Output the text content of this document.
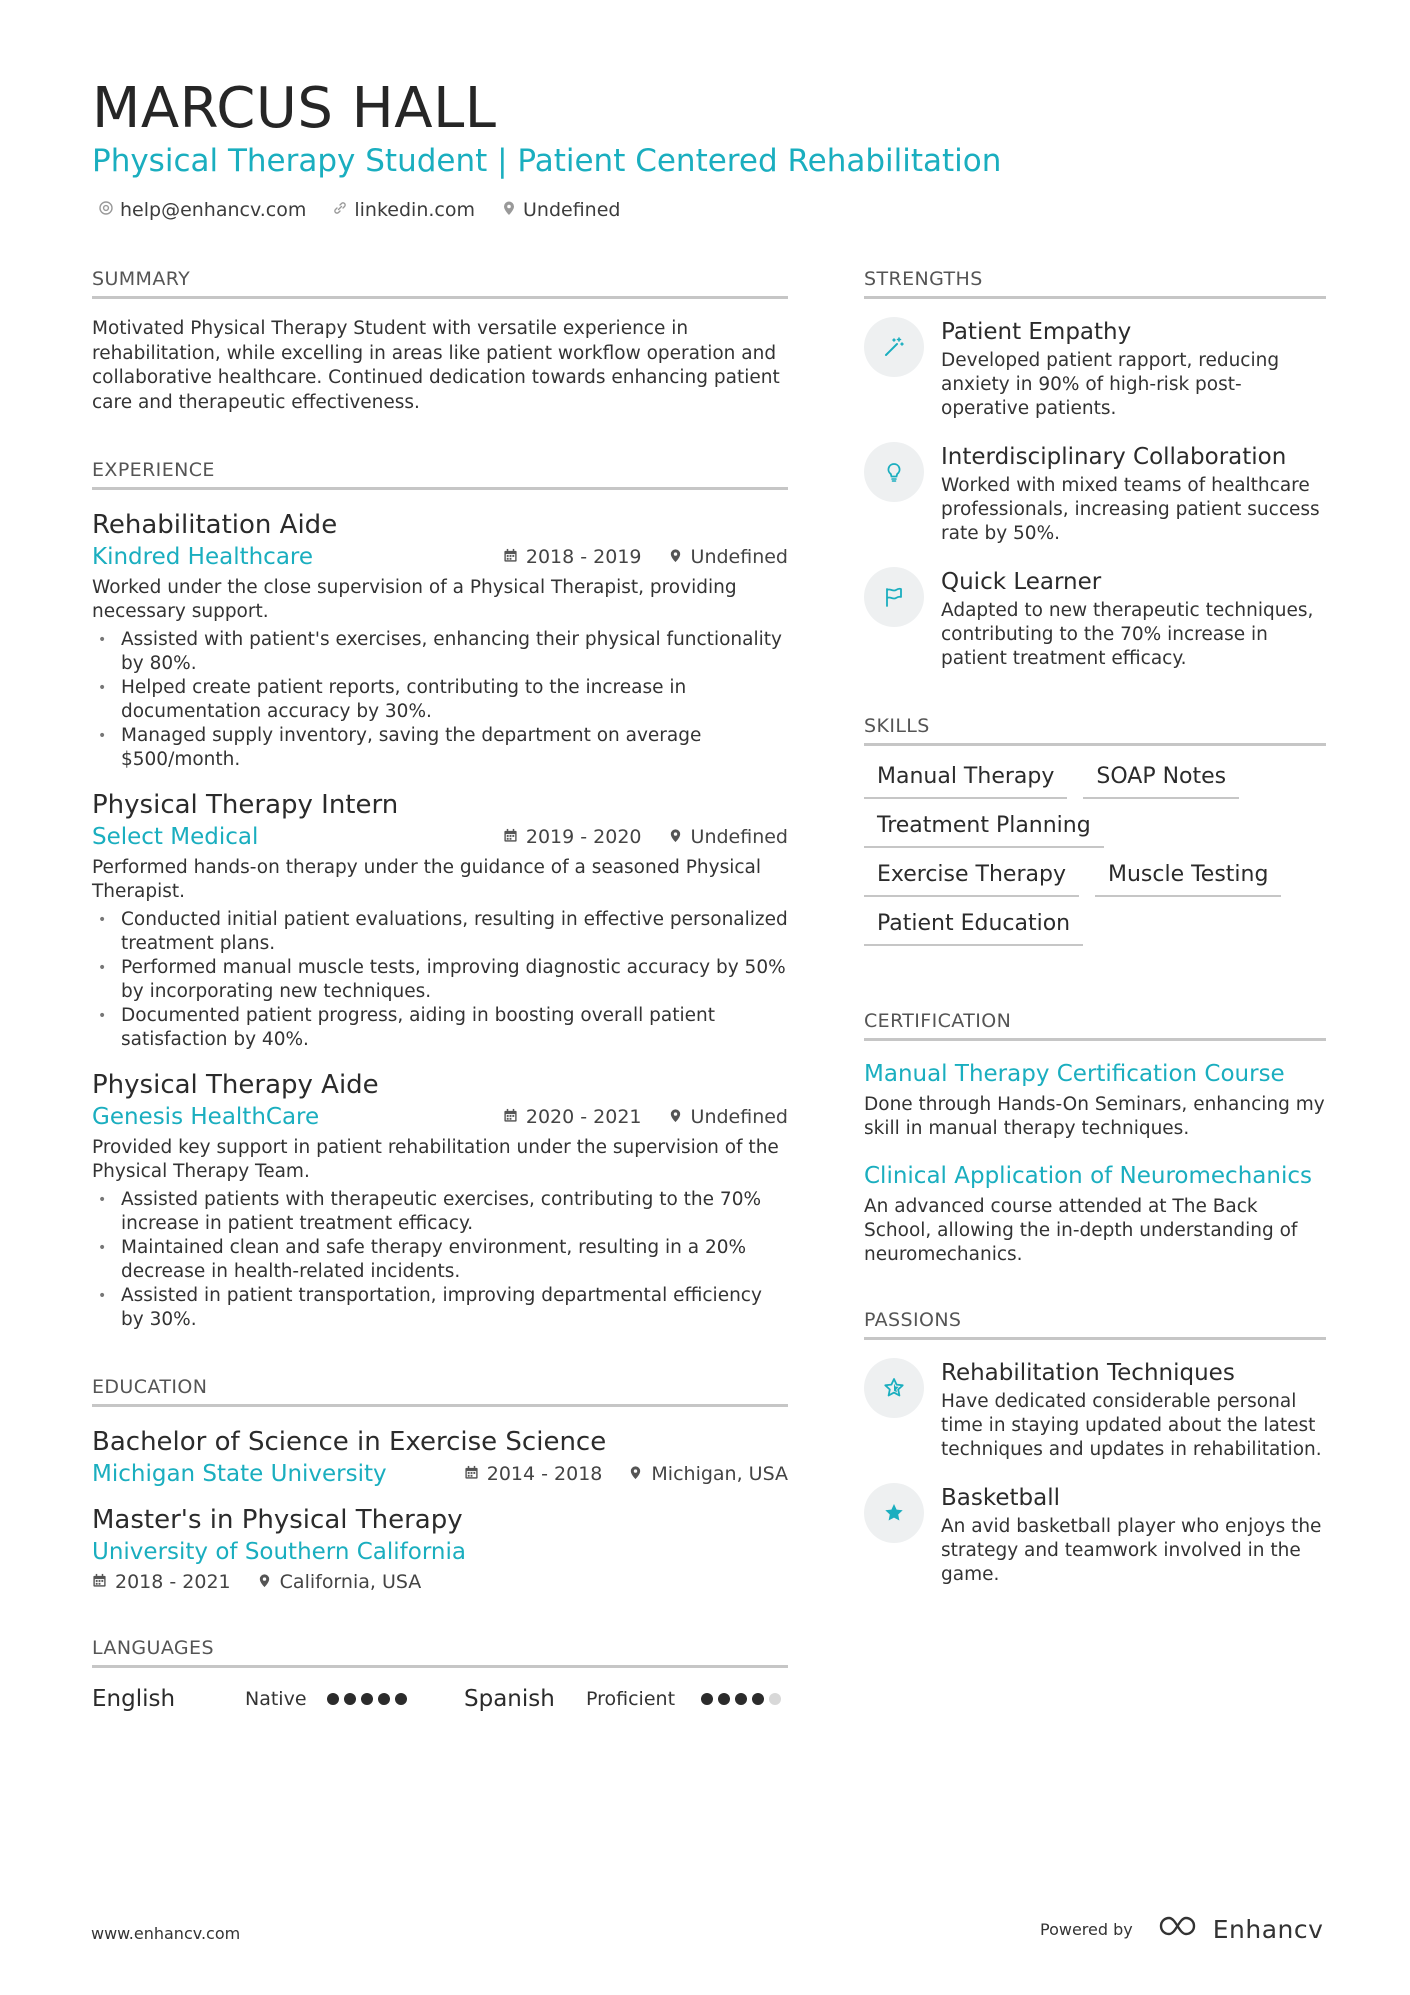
MARCUS HALL
Physical Therapy Student | Patient Centered Rehabilitation
help@enhancv.com	linkedin.com	Undefined
SUMMARY
Motivated Physical Therapy Student with versatile experience in rehabilitation, while excelling in areas like patient workflow operation and collaborative healthcare. Continued dedication towards enhancing patient care and therapeutic effectiveness.
EXPERIENCE
Rehabilitation Aide
Kindred Healthcare	2018 - 2019	Undefined
Worked under the close supervision of a Physical Therapist, providing necessary support.
• Assisted with patient's exercises, enhancing their physical functionality by 80%.
• Helped create patient reports, contributing to the increase in documentation accuracy by 30%.
• Managed supply inventory, saving the department on average $500/month.
Physical Therapy Intern
Select Medical	2019 - 2020	Undefined
Performed hands-on therapy under the guidance of a seasoned Physical Therapist.
• Conducted initial patient evaluations, resulting in effective personalized treatment plans.
• Performed manual muscle tests, improving diagnostic accuracy by 50% by incorporating new techniques.
• Documented patient progress, aiding in boosting overall patient satisfaction by 40%.
Physical Therapy Aide
Genesis HealthCare	2020 - 2021	Undefined
Provided key support in patient rehabilitation under the supervision of the Physical Therapy Team.
• Assisted patients with therapeutic exercises, contributing to the 70% increase in patient treatment efficacy.
• Maintained clean and safe therapy environment, resulting in a 20% decrease in health-related incidents.
• Assisted in patient transportation, improving departmental efficiency by 30%.
EDUCATION
Bachelor of Science in Exercise Science
Michigan State University	2014 - 2018	Michigan, USA
Master's in Physical Therapy
University of Southern California
2018 - 2021	California, USA
LANGUAGES
English	Native	Spanish	Proficient
STRENGTHS
Patient Empathy
Developed patient rapport, reducing anxiety in 90% of high-risk post-operative patients.
Interdisciplinary Collaboration
Worked with mixed teams of healthcare professionals, increasing patient success rate by 50%.
Quick Learner
Adapted to new therapeutic techniques, contributing to the 70% increase in patient treatment efficacy.
SKILLS
Manual Therapy	SOAP Notes
Treatment Planning
Exercise Therapy	Muscle Testing
Patient Education
CERTIFICATION
Manual Therapy Certification Course
Done through Hands-On Seminars, enhancing my skill in manual therapy techniques.
Clinical Application of Neuromechanics
An advanced course attended at The Back School, allowing the in-depth understanding of neuromechanics.
PASSIONS
Rehabilitation Techniques
Have dedicated considerable personal time in staying updated about the latest techniques and updates in rehabilitation.
Basketball
An avid basketball player who enjoys the strategy and teamwork involved in the game.
www.enhancv.com	Powered by	Enhancv
